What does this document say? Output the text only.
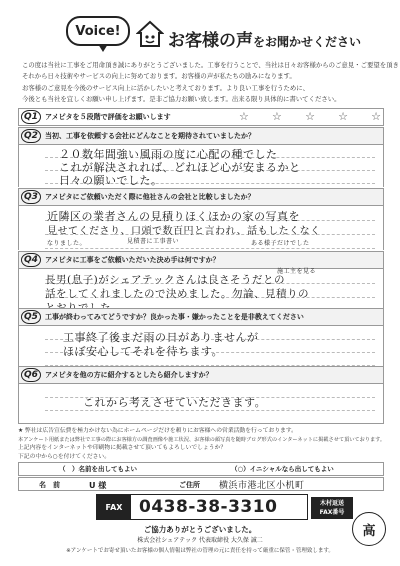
Voice!	お客様の声をお聞かせください

この度は当社に工事をご用命頂き誠にありがとうございました。工事を行うことで、当社は日々お客様からのご意見・ご要望を頂き

それから日々技術やサービスの向上に努めております。お客様の声が私たちの励みになります。

お客様のご意見を今後のサービス向上に活かしたいと考えております。より良い工事を行うために、

今後とも当社を宜しくお願い申し上げます。是非ご協力お願い致します。出来る限り具体的に書いてください。

Q1	アメピタを５段階で評価をお願いします	☆ ☆ ☆ ☆ ☆
Q2	当初、工事を依頼する会社にどんなことを期待されていましたか？
２０数年間強い風雨の度に心配の種でした
これが解決されれば、どれほど心が安まるかと
日々の願いでした。
Q3	アメピタにご依頼いただく際に他社さんの会社と比較しましたか？
近隣区の業者さんの見積りほくほかの家の写真を
見せてくださり、口頭で数百円と言われ、話もしたくなく
なりました。	見積書に工事書い	ある様子だけでした
Q4	アメピタに工事をご依頼いただいた決め手は何ですか？
施工主を見る
長男(息子)がシェアテックさんは良さそうだとの
話をしてくれましたので決めました。勿論、見積りの
Q5	工事が終わってみてどうですか？良かった事・嫌かったことを是非教えてください
工事終了後まだ雨の日がありませんが
ほぼ安心してそれを待ちます。
Q6	アメピタを他の方に紹介するとしたら紹介しますか？
これから考えさせていただきます。

★ 弊社は広告宣伝費を極力かけない為にホームページだけを頼りにお客様への営業活動を行っております。

本アンケート用紙または弊社で工事の際にお客様方の調査画像や施工状況、お客様の顔写真を随時ブログ形式のインターネットに掲載させて頂いております。

上記内容をインターネットや印刷物に掲載させて頂いてもよろしいでしょうか？

下記の中から○を付けてください。

（　）名前を出してもよい	（○）イニシャルなら出してもよい
名　前	U 様	ご住所 横浜市港北区小机町
FAX 0438-38-3310	木村返送
FAX番号
ご協力ありがとうございました。
株式会社シェアテック 代表取締役 大久保 誠二
※アンケートでお寄せ頂いたお客様の個人情報は弊社の管理の元に責任を持って厳重に保管・管理致します。
高
